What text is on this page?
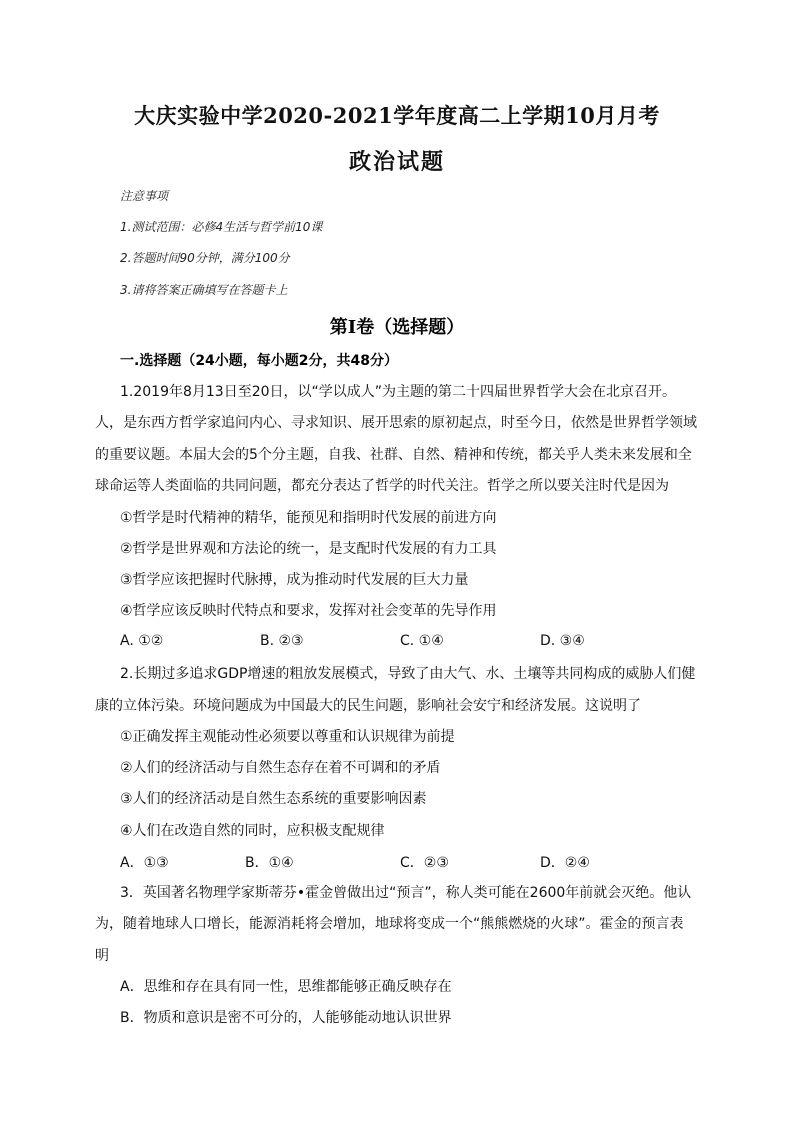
大庆实验中学2020-2021学年度高二上学期10月月考
政治试题
注意事项
1.测试范围：必修4生活与哲学前10课
2.答题时间90分钟，满分100分
3.请将答案正确填写在答题卡上
第Ⅰ卷（选择题）
一.选择题（24小题，每小题2分，共48分）
1.2019年8月13日至20日，以“学以成人”为主题的第二十四届世界哲学大会在北京召开。
人，是东西方哲学家追问内心、寻求知识、展开思索的原初起点，时至今日，依然是世界哲学领域
的重要议题。本届大会的5个分主题，自我、社群、自然、精神和传统，都关乎人类未来发展和全
球命运等人类面临的共同问题，都充分表达了哲学的时代关注。哲学之所以要关注时代是因为
①哲学是时代精神的精华，能预见和指明时代发展的前进方向
②哲学是世界观和方法论的统一，是支配时代发展的有力工具
③哲学应该把握时代脉搏，成为推动时代发展的巨大力量
④哲学应该反映时代特点和要求，发挥对社会变革的先导作用
A. ①②	B. ②③	C. ①④	D. ③④
2.长期过多追求GDP增速的粗放发展模式，导致了由大气、水、土壤等共同构成的威胁人们健
康的立体污染。环境问题成为中国最大的民生问题，影响社会安宁和经济发展。这说明了
①正确发挥主观能动性必须要以尊重和认识规律为前提
②人们的经济活动与自然生态存在着不可调和的矛盾
③人们的经济活动是自然生态系统的重要影响因素
④人们在改造自然的同时，应积极支配规律
A．①③	B．①④	C．②③	D．②④
3．英国著名物理学家斯蒂芬•霍金曾做出过“预言”，称人类可能在2600年前就会灭绝。他认
为，随着地球人口增长，能源消耗将会增加，地球将变成一个“熊熊燃烧的火球”。霍金的预言表
明
A．思维和存在具有同一性，思维都能够正确反映存在
B．物质和意识是密不可分的，人能够能动地认识世界
